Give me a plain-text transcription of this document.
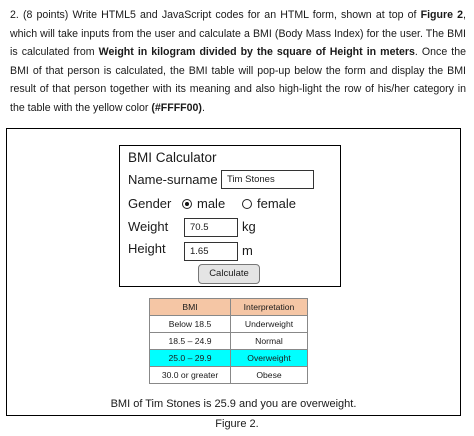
2. (8 points) Write HTML5 and JavaScript codes for an HTML form, shown at top of Figure 2, which will take inputs from the user and calculate a BMI (Body Mass Index) for the user. The BMI is calculated from Weight in kilogram divided by the square of Height in meters. Once the BMI of that person is calculated, the BMI table will pop-up below the form and display the BMI result of that person together with its meaning and also high-light the row of his/her category in the table with the yellow color (#FFFF00).
BMI Calculator
Name-surname Tim Stones
Gender male female
Weight	70.5	kg
Height	1.65	m
Calculate
BMI	Interpretation
Below 18.5	Underweight
18.5 – 24.9	Normal
25.0 – 29.9	Overweight
30.0 or greater	Obese
BMI of Tim Stones is 25.9 and you are overweight.
Figure 2.
